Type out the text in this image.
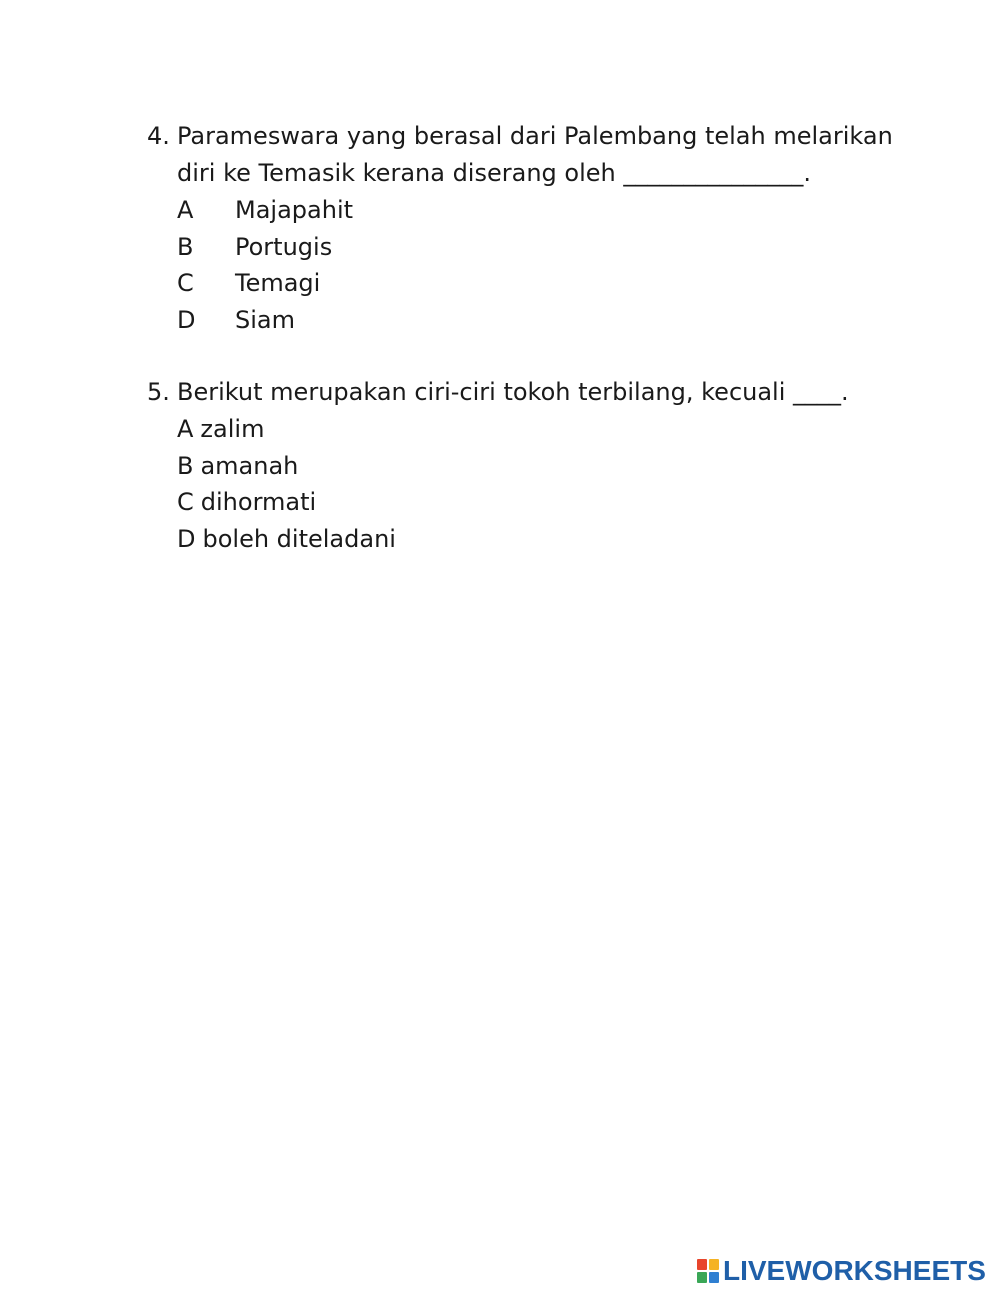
4. Parameswara yang berasal dari Palembang telah melarikan
diri ke Temasik kerana diserang oleh _______________.
A Majapahit
B Portugis
C Temagi
D Siam
5. Berikut merupakan ciri-ciri tokoh terbilang, kecuali ____.
A zalim
B amanah
C dihormati
D boleh diteladani
LIVEWORKSHEETS
